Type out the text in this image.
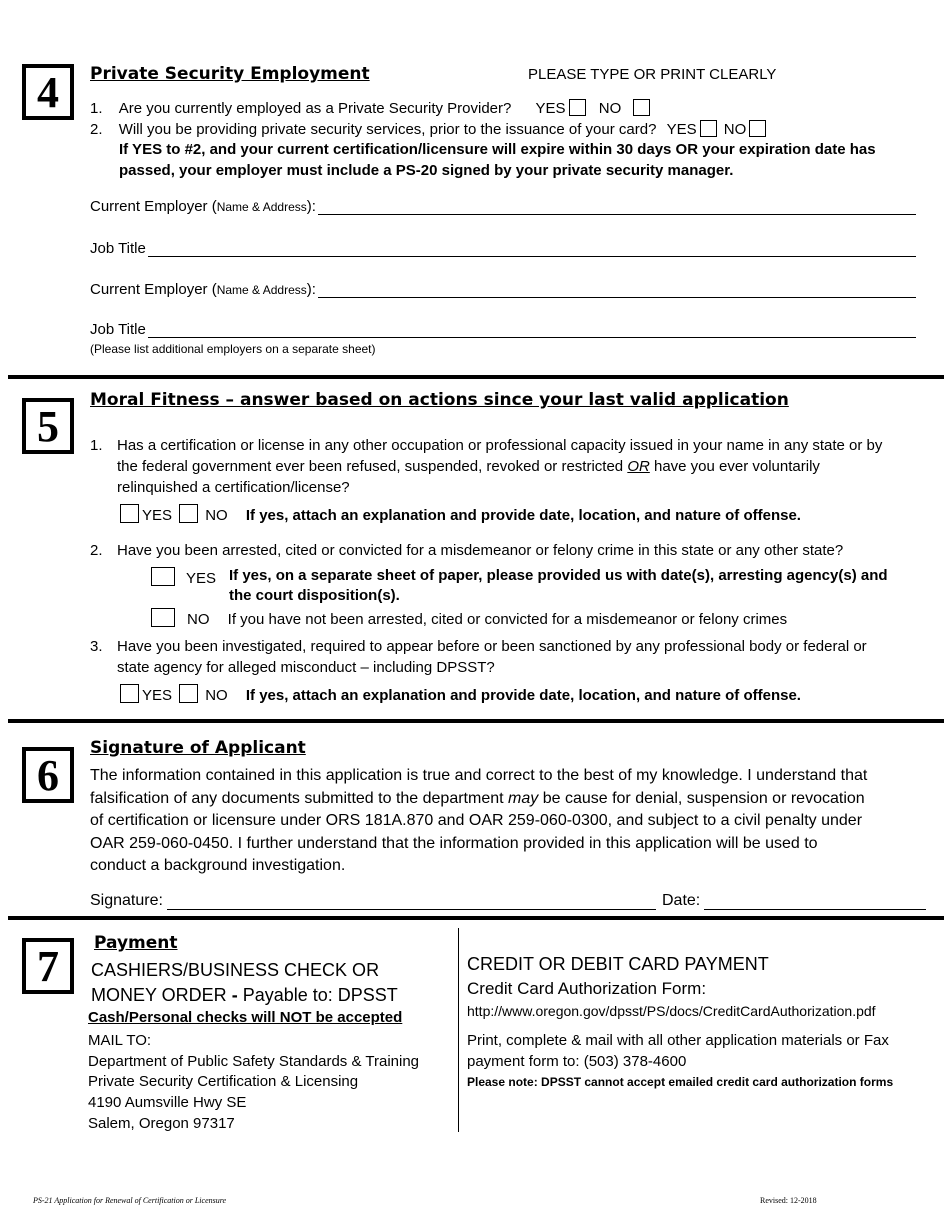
4	Private Security Employment	PLEASE TYPE OR PRINT CLEARLY
1. Are you currently employed as a Private Security Provider? YES NO
2. Will you be providing private security services, prior to the issuance of your card? YES NO
If YES to #2, and your current certification/licensure will expire within 30 days OR your expiration date has
passed, your employer must include a PS-20 signed by your private security manager.
Current Employer ( Name & Address ):
Job Title
Current Employer ( Name & Address ):
Job Title
(Please list additional employers on a separate sheet)
5
Moral Fitness – answer based on actions since your last valid application
1. Has a certification or license in any other occupation or professional capacity issued in your name in any state or by
the federal government ever been refused, suspended, revoked or restricted OR have you ever voluntarily
relinquished a certification/license?
YES NO If yes, attach an explanation and provide date, location, and nature of offense.
2. Have you been arrested, cited or convicted for a misdemeanor or felony crime in this state or any other state?
YES If yes, on a separate sheet of paper, please provided us with date(s), arresting agency(s) and
the court disposition(s).
NO If you have not been arrested, cited or convicted for a misdemeanor or felony crimes
3. Have you been investigated, required to appear before or been sanctioned by any professional body or federal or
state agency for alleged misconduct – including DPSST?
YES NO If yes, attach an explanation and provide date, location, and nature of offense.
6
Signature of Applicant
The information contained in this application is true and correct to the best of my knowledge. I understand that
falsification of any documents submitted to the department may be cause for denial, suspension or revocation
of certification or licensure under ORS 181A.870 and OAR 259-060-0300, and subject to a civil penalty under
OAR 259-060-0450. I further understand that the information provided in this application will be used to
conduct a background investigation.
Signature:	Date:
7	Payment
CASHIERS/BUSINESS CHECK OR
MONEY ORDER - Payable to: DPSST
Cash/Personal checks will NOT be accepted
MAIL TO:
Department of Public Safety Standards & Training
Private Security Certification & Licensing
4190 Aumsville Hwy SE
Salem, Oregon 97317
CREDIT OR DEBIT CARD PAYMENT
Credit Card Authorization Form:
http://www.oregon.gov/dpsst/PS/docs/CreditCardAuthorization.pdf
Print, complete & mail with all other application materials or Fax
payment form to: (503) 378-4600
Please note: DPSST cannot accept emailed credit card authorization forms
PS-21 Application for Renewal of Certification or Licensure	Revised: 12-2018
